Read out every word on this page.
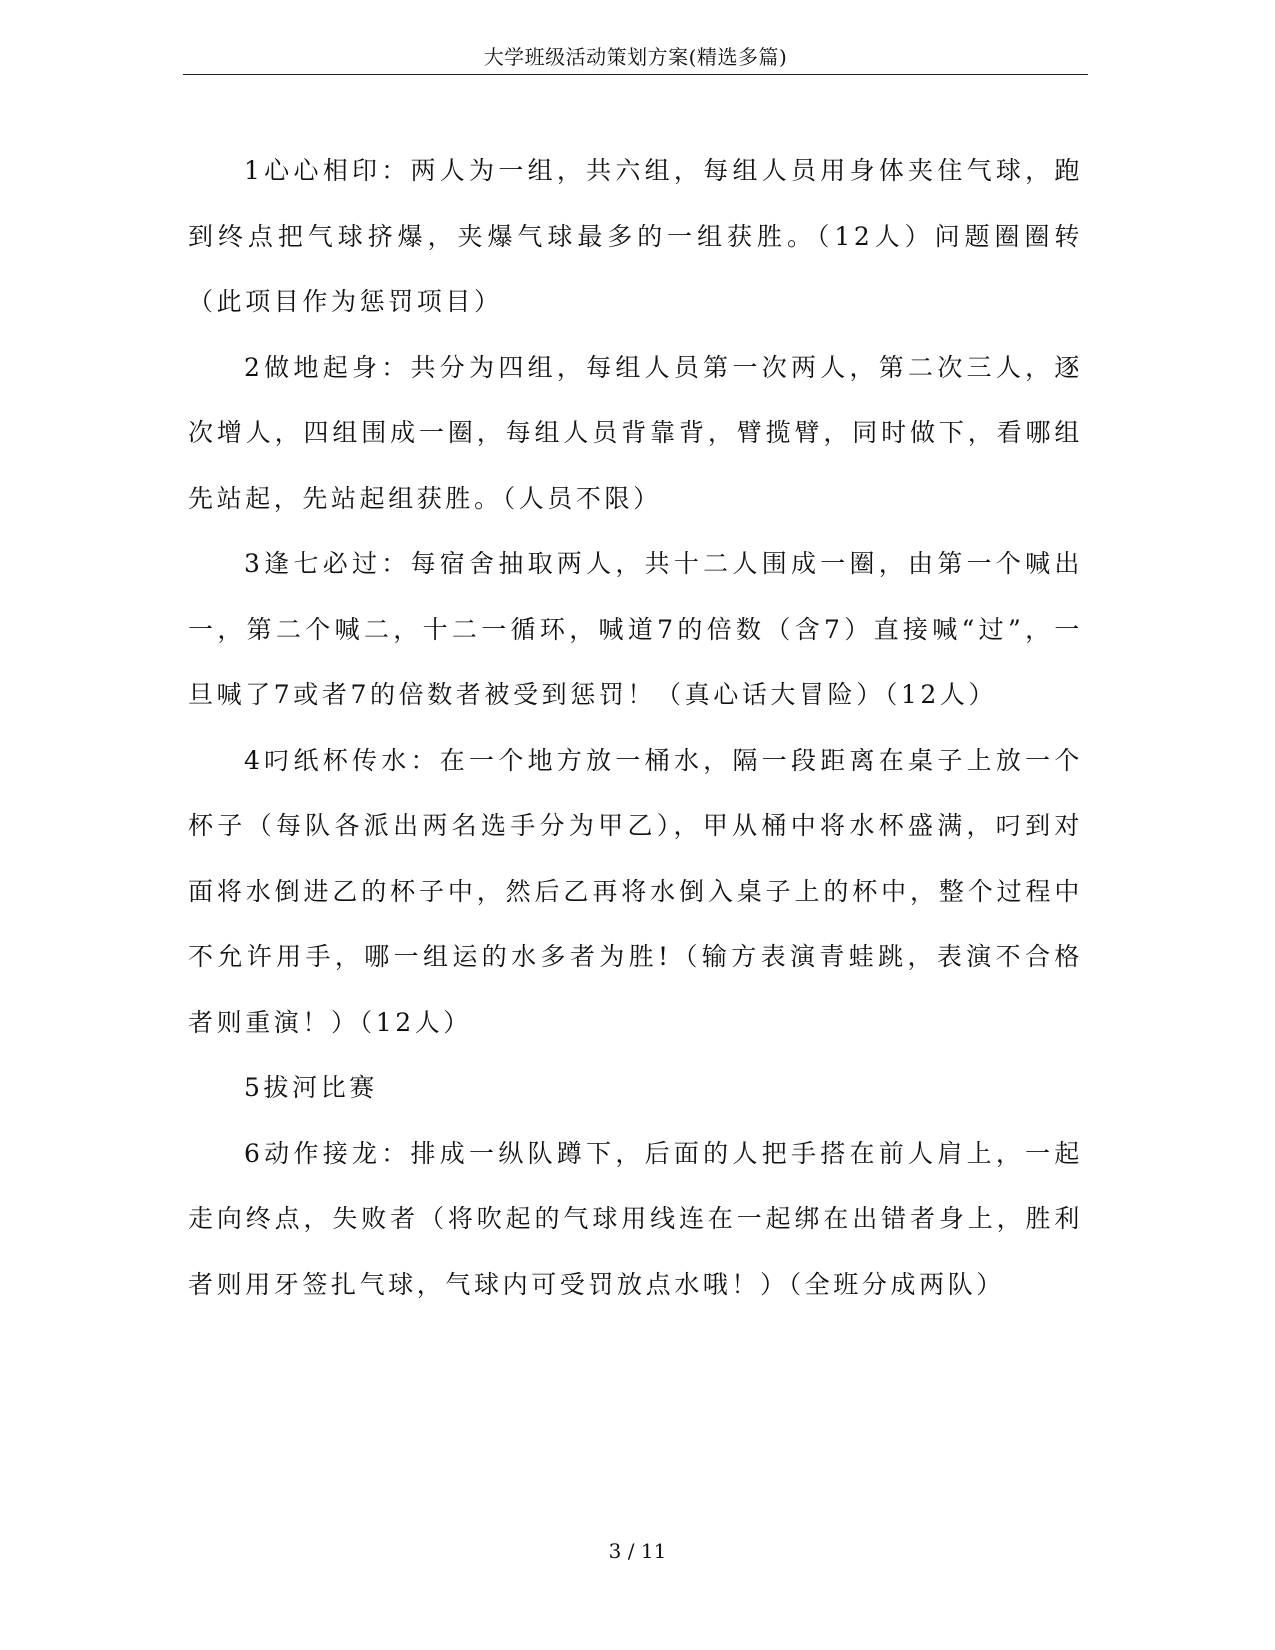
大学班级活动策划方案(精选多篇)

1心心相印：两人为一组，共六组，每组人员用身体夹住气球，跑到终点把气球挤爆，夹爆气球最多的一组获胜。（12人）问题圈圈转（此项目作为惩罚项目）

2做地起身：共分为四组，每组人员第一次两人，第二次三人，逐次增人，四组围成一圈，每组人员背靠背，臂揽臂，同时做下，看哪组先站起，先站起组获胜。（人员不限）

3逢七必过：每宿舍抽取两人，共十二人围成一圈，由第一个喊出一，第二个喊二，十二一循环，喊道7的倍数（含7）直接喊“过”，一旦喊了7或者7的倍数者被受到惩罚！（真心话大冒险）（12人）

4叼纸杯传水：在一个地方放一桶水，隔一段距离在桌子上放一个杯子（每队各派出两名选手分为甲乙），甲从桶中将水杯盛满，叼到对面将水倒进乙的杯子中，然后乙再将水倒入桌子上的杯中，整个过程中不允许用手，哪一组运的水多者为胜!（输方表演青蛙跳，表演不合格者则重演！）（12人）

5拔河比赛

6动作接龙：排成一纵队蹲下，后面的人把手搭在前人肩上，一起走向终点，失败者（将吹起的气球用线连在一起绑在出错者身上，胜利者则用牙签扎气球，气球内可受罚放点水哦！）（全班分成两队）

3 / 11
